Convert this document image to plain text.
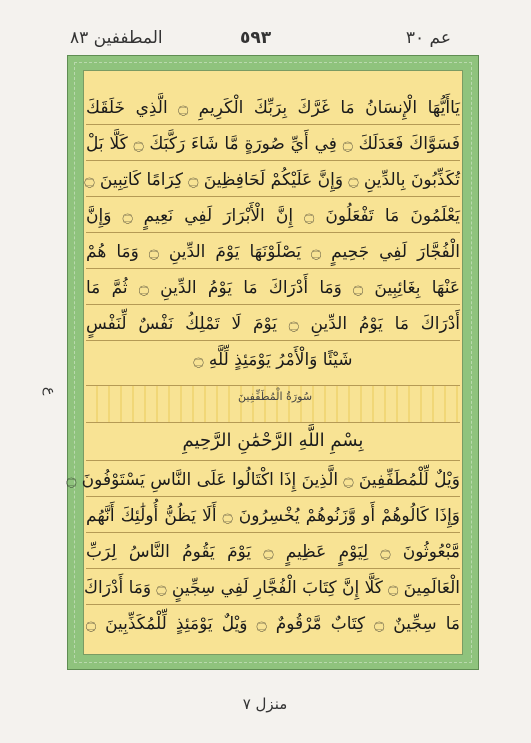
المطففين ٨٣	٥٩٣	عم ٣٠
يَاأَيُّهَا الْإِنسَانُ مَا غَرَّكَ بِرَبِّكَ الْكَرِيمِ ۝ الَّذِي خَلَقَكَ
فَسَوَّاكَ فَعَدَلَكَ ۝ فِي أَيِّ صُورَةٍ مَّا شَاءَ رَكَّبَكَ ۝ كَلَّا بَلْ
تُكَذِّبُونَ بِالدِّينِ ۝ وَإِنَّ عَلَيْكُمْ لَحَافِظِينَ ۝ كِرَامًا كَاتِبِينَ ۝
يَعْلَمُونَ مَا تَفْعَلُونَ ۝ إِنَّ الْأَبْرَارَ لَفِي نَعِيمٍ ۝ وَإِنَّ
الْفُجَّارَ لَفِي جَحِيمٍ ۝ يَصْلَوْنَهَا يَوْمَ الدِّينِ ۝ وَمَا هُمْ
عَنْهَا بِغَائِبِينَ ۝ وَمَا أَدْرَاكَ مَا يَوْمُ الدِّينِ ۝ ثُمَّ مَا
أَدْرَاكَ مَا يَوْمُ الدِّينِ ۝ يَوْمَ لَا تَمْلِكُ نَفْسٌ لِّنَفْسٍ
شَيْئًا وَالْأَمْرُ يَوْمَئِذٍ لِّلَّهِ ۝
سُورَةُ الْمُطَفِّفِينَ
بِسْمِ اللَّهِ الرَّحْمَٰنِ الرَّحِيمِ
وَيْلٌ لِّلْمُطَفِّفِينَ ۝ الَّذِينَ إِذَا اكْتَالُوا عَلَى النَّاسِ يَسْتَوْفُونَ ۝
وَإِذَا كَالُوهُمْ أَو وَّزَنُوهُمْ يُخْسِرُونَ ۝ أَلَا يَظُنُّ أُولَٰئِكَ أَنَّهُم
مَّبْعُوثُونَ ۝ لِيَوْمٍ عَظِيمٍ ۝ يَوْمَ يَقُومُ النَّاسُ لِرَبِّ
الْعَالَمِينَ ۝ كَلَّا إِنَّ كِتَابَ الْفُجَّارِ لَفِي سِجِّينٍ ۝ وَمَا أَدْرَاكَ
مَا سِجِّينٌ ۝ كِتَابٌ مَّرْقُومٌ ۝ وَيْلٌ يَوْمَئِذٍ لِّلْمُكَذِّبِينَ ۝
ع
منزل ٧
